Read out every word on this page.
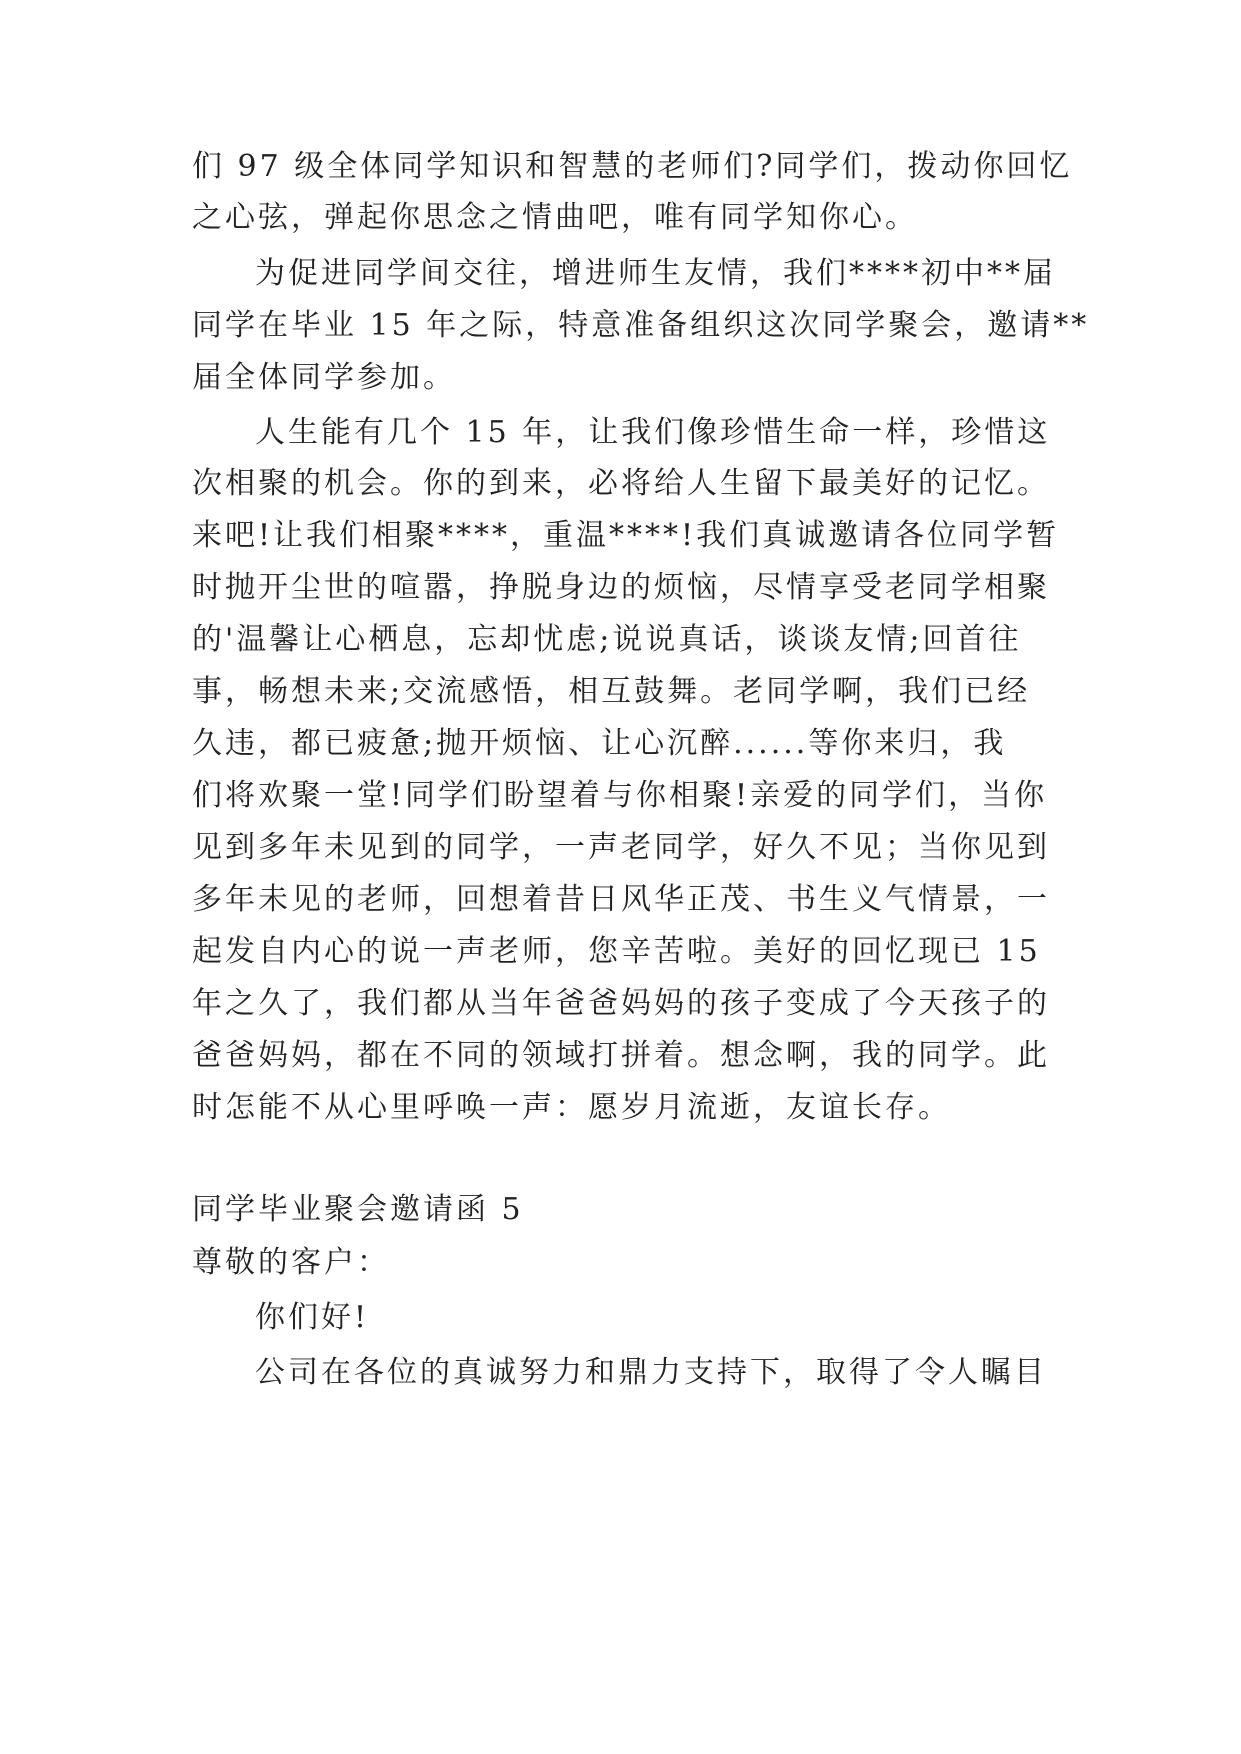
们 97 级全体同学知识和智慧的老师们?同学们，拨动你回忆
之心弦，弹起你思念之情曲吧，唯有同学知你心。
为促进同学间交往，增进师生友情，我们****初中**届
同学在毕业 15 年之际，特意准备组织这次同学聚会，邀请**
届全体同学参加。
人生能有几个 15 年，让我们像珍惜生命一样，珍惜这
次相聚的机会。你的到来，必将给人生留下最美好的记忆。
来吧!让我们相聚****，重温****!我们真诚邀请各位同学暂
时抛开尘世的喧嚣，挣脱身边的烦恼，尽情享受老同学相聚
的'温馨让心栖息，忘却忧虑;说说真话，谈谈友情;回首往
事，畅想未来;交流感悟，相互鼓舞。老同学啊，我们已经
久违，都已疲惫;抛开烦恼、让心沉醉......等你来归，我
们将欢聚一堂!同学们盼望着与你相聚!亲爱的同学们，当你
见到多年未见到的同学，一声老同学，好久不见；当你见到
多年未见的老师，回想着昔日风华正茂、书生义气情景，一
起发自内心的说一声老师，您辛苦啦。美好的回忆现已 15
年之久了，我们都从当年爸爸妈妈的孩子变成了今天孩子的
爸爸妈妈，都在不同的领域打拼着。想念啊，我的同学。此
时怎能不从心里呼唤一声：愿岁月流逝，友谊长存。
同学毕业聚会邀请函 5
尊敬的客户：
你们好!
公司在各位的真诚努力和鼎力支持下，取得了令人瞩目
